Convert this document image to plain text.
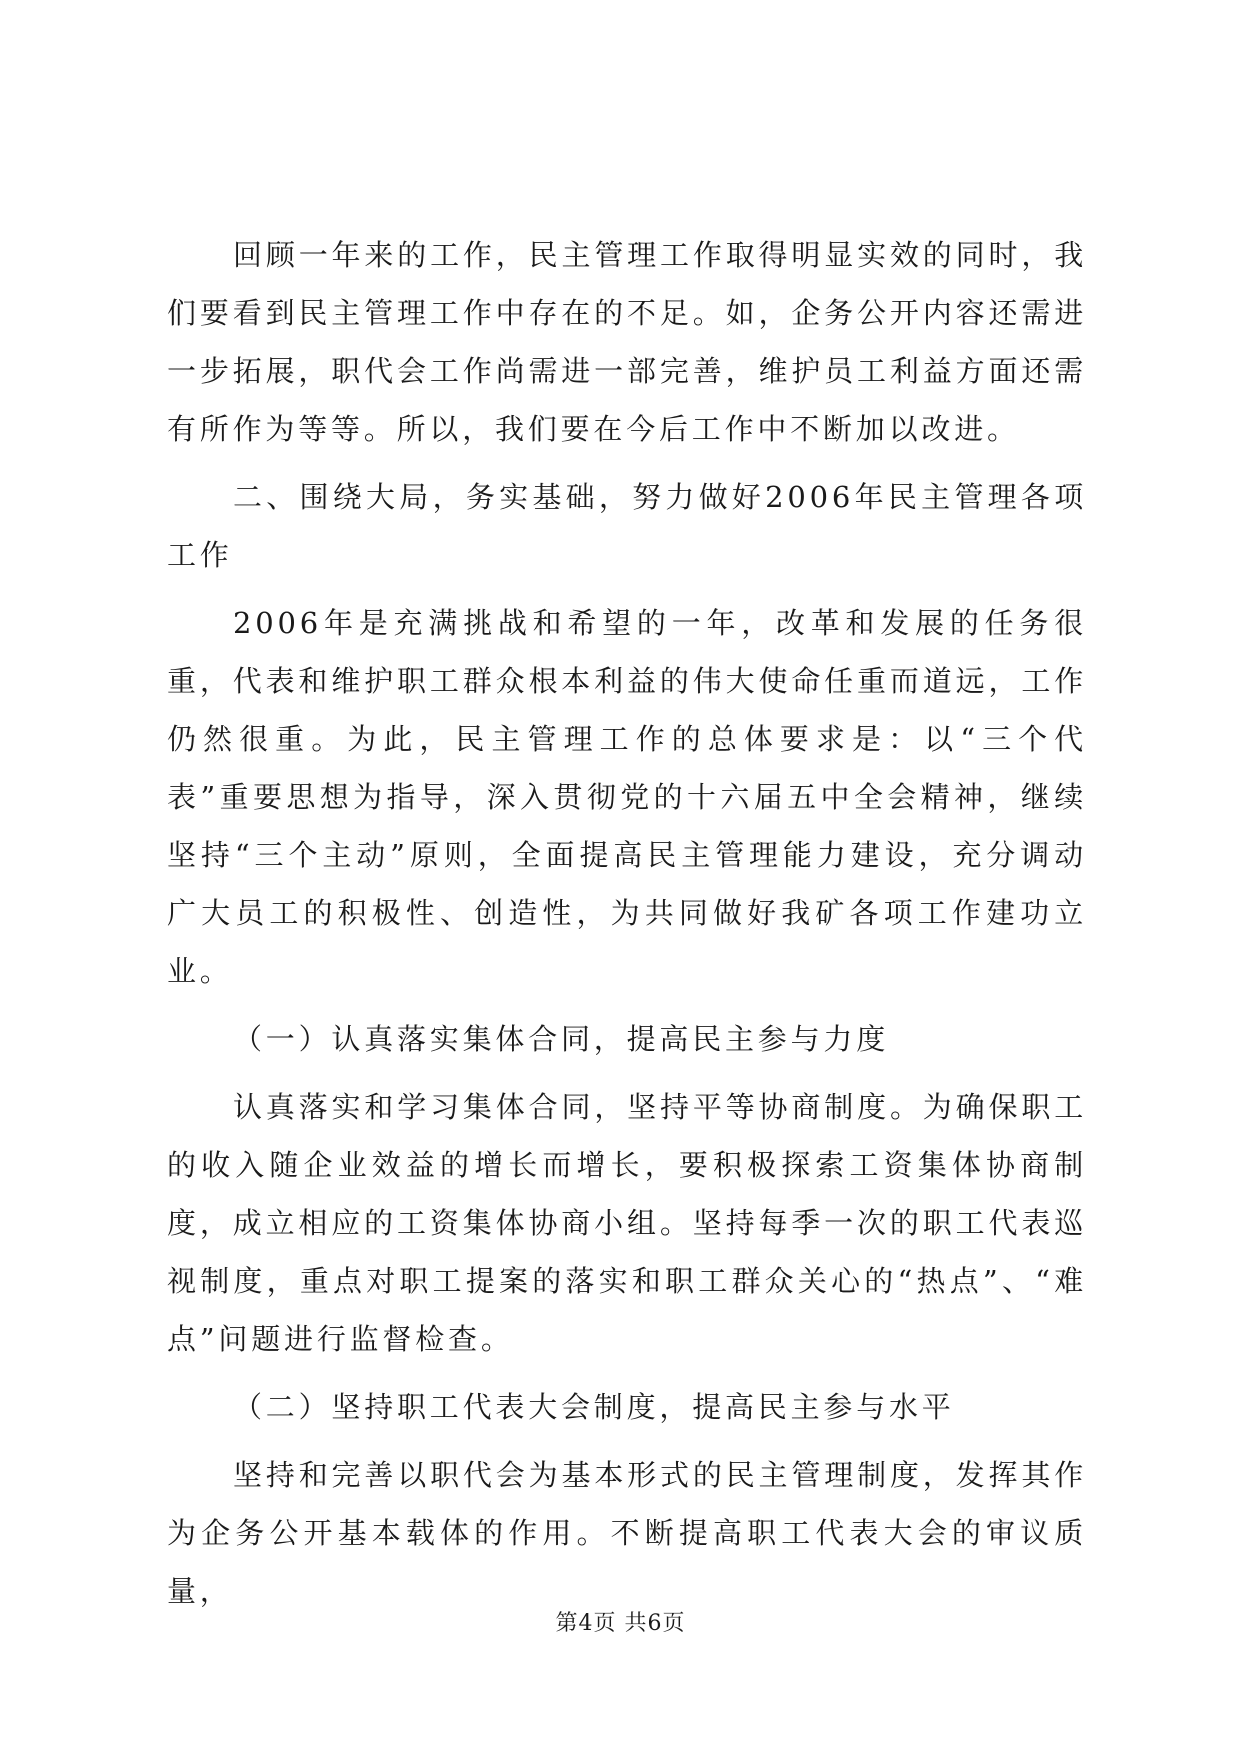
回顾一年来的工作，民主管理工作取得明显实效的同时，我们要看到民主管理工作中存在的不足。如，企务公开内容还需进一步拓展，职代会工作尚需进一部完善，维护员工利益方面还需有所作为等等。所以，我们要在今后工作中不断加以改进。

二、围绕大局，务实基础，努力做好2006年民主管理各项工作

2006年是充满挑战和希望的一年，改革和发展的任务很重，代表和维护职工群众根本利益的伟大使命任重而道远，工作仍然很重。为此，民主管理工作的总体要求是：以“三个代表”重要思想为指导，深入贯彻党的十六届五中全会精神，继续坚持“三个主动”原则，全面提高民主管理能力建设，充分调动广大员工的积极性、创造性，为共同做好我矿各项工作建功立业。

（一）认真落实集体合同，提高民主参与力度

认真落实和学习集体合同，坚持平等协商制度。为确保职工的收入随企业效益的增长而增长，要积极探索工资集体协商制度，成立相应的工资集体协商小组。坚持每季一次的职工代表巡视制度，重点对职工提案的落实和职工群众关心的“热点”、“难点”问题进行监督检查。

（二）坚持职工代表大会制度，提高民主参与水平

坚持和完善以职代会为基本形式的民主管理制度，发挥其作为企务公开基本载体的作用。不断提高职工代表大会的审议质量，

第4页 共6页
